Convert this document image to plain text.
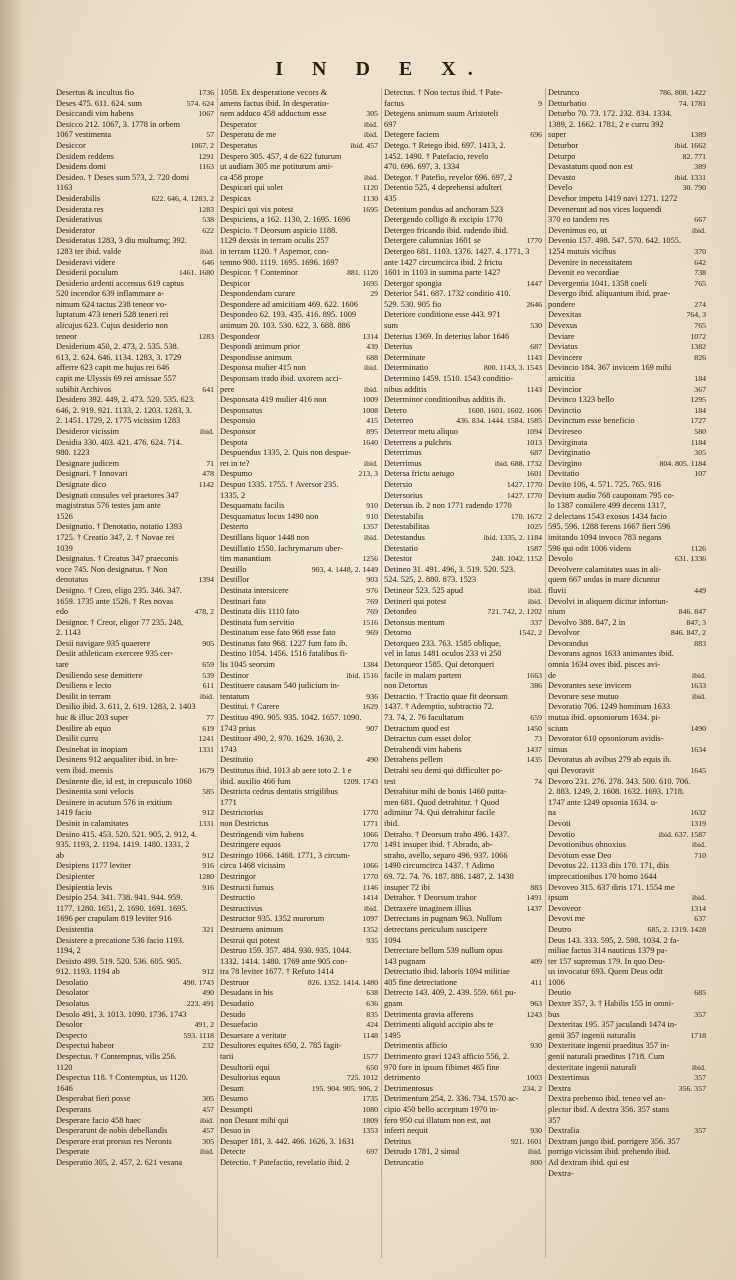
I N D E X.
Desertus & incultus fio	1736
Deses 475. 611. 624. sum	574. 624
Desiccandi vim habens	1067
Desicco 212. 1067, 3. 1778 in orbem
1067 vestimenta	57
Desiccor	1067, 2
Desidem reddens	1291
Desidens domi	1163
Desideo. † Deses sum 573, 2. 720 domi
1163
Desiderabilis	622. 646, 4. 1283, 2
Desiderata res	1283
Desiderativus	538
Desiderator	622
Desideratus 1283, 3 diu multumq; 392.
1283 ter ibid. valde	ibid.
Desideravi videre	646
Desiderii poculum	1461. 1680
Desiderio ardenti accensus 619 captus
520 incendor 639 inflammare a-
nimum 624 tactus 238 teneor vo-
luptatum 473 teneri 528 teneri rei
alicujus 623. Cujus desiderio non
teneor	1283
Desiderium 450, 2. 473, 2. 535. 538.
613, 2. 624. 646. 1134. 1283, 3. 1729
afferre 623 capit me hujus rei 646
capit me Ulyssis 69 rei amissae 557
subibit Archivos	641
Desidero 392. 449, 2. 473. 520. 535. 623.
646, 2. 919. 921. 1133, 2. 1203. 1283, 3.
2. 1451. 1729, 2. 1775 vicissim 1283
Desideror vicissim	ibid.
Desidia 330. 403. 421. 476. 624. 714.
980. 1223
Designare judicem	71
Designari. † Innovari	478
Designate dico	1142
Designati consules vel praetores 347
magistratus 576 testes jam ante
1526
Designatio. † Denotatio, notatio 1393
1725. † Creatio 347, 2. † Novae rei
1039
Designatus. † Creatus 347 praeconis
voce 745. Non designatus. † Non
denotatus	1394
Designo. † Creo, eligo 235. 346. 347.
1659. 1735 ante 1526. † Res novas
edo	478, 2
Designor. † Creor, eligor 77 235. 248,
2. 1143
Desii navigare 935 quaerere	905
Desiit athleticam exercere 935 cer-
tare	659
Desiliendo sese demittere	539
Desiliens e lecto	611
Desilit in terram	ibid.
Desilio ibid. 3. 611, 2. 619. 1283, 2. 1403
huc & illuc 203 super	77
Desilire ab equo	619
Desilit curru	1241
Desinebat in inopiam	1331
Desinens 912 aequaliter ibid. in bre-
vem ibid. mensis	1679
Desinente die, id est, in crepusculo 1060
Desinentia soni velocis	585
Desinere in acutum 576 in exitium
1419 facio	912
Desinit in calamitates	1331
Desino 415. 453. 520. 521. 905, 2. 912, 4.
935. 1193, 2. 1194. 1419. 1480. 1331, 2
ab	912
Desipiens 1177 leviter	916
Desipienter	1280
Desipientia levis	916
Desipio 254. 341. 738. 941. 944. 959.
1177. 1280. 1651, 2. 1690. 1691. 1695.
1696 per crapulam 819 leviter 916
Desistentia	321
Desistere a precatione 536 facio 1193.
1194, 2
Desisto 499. 519. 520. 536. 605. 905.
912. 1193. 1194 ab	912
Desolatio	490. 1743
Desolator	490
Desolatus	223. 491
Desolo 491, 3. 1013. 1090. 1736. 1743
Desolor	491, 2
Despecto	593. 1118
Despectui habeor	232
Despectus. † Contemptus, vilis 256.
1120
Despectus 118. † Contemptus, us 1120.
1646
Desperabat fieri posse	305
Desperans	457
Desperare facio 458 haec	ibid.
Desperarunt de nobis debellandis	457
Desperare erat prorsus res Neronis	305
Desperate	ibid.
Desperatio 305, 2. 457, 2. 621 vesana
1058. Ex desperatione vecors &
amens factus ibid. In desperatio-
nem adduco 458 adductum esse	305
Desperator	ibid.
Desperatu de me	ibid.
Desperatus	ibid. 457
Despero 305. 457, 4 de 622 futurum
ut audiam 305 me potiturum ami-
ca 458 prope	ibid.
Despicari qui solet	1120
Despicax	1130
Despici qui vix potest	1695
Despiciens, a 162. 1130, 2. 1695. 1696
Despicio. † Deorsum aspicio 1188.
1129 dexsis in terram oculis 257
in terram 1120. † Aspernor, con-
temno 900. 1119. 1695. 1696. 1697
Despicor. † Contemnor	881. 1120
Despicor	1695
Despondendam curare	29
Despondere ad amicitiam 469. 622. 1606
Despondeo 62. 193. 435. 416. 895. 1009
animum 20. 103. 530. 622, 3. 688. 886
Despondeor	1314
Despondi animum prior	439
Despondisse animum	688
Desponsa mulier 415 non	ibid.
Desponsam trado ibid. uxorem acci-
pere	ibid.
Desponsata 419 mulier 416 non	1009
Desponsatus	1008
Desponsio	415
Desponsor	895
Despota	1640
Despuendus 1335, 2. Quis non despue-
ret in te?	ibid.
Despumo	213, 3
Despuo 1335. 1755. † Aversor 235.
1335, 2
Desquamatu facilis	910
Desquamatus locus 1490 non	910
Desterto	1357
Destillans liquor 1448 non	ibid.
Destillatio 1550. Iachrymarum uber-
tim manantium	1256
Destillo	903, 4. 1448, 2. 1449
Destillor	903
Destinata intersicere	976
Destinari fato	769
Destinata diis 1110 fato	769
Destinata fum servitio	1516
Destinatum esse fato 968 esse fato	969
Destinatus fato 968. 1227 fum fato ib.
Destino 1054. 1456. 1516 fatalibus fi-
lis 1045 seorsim	1384
Destinor	ibid. 1516
Destituere causam 540 judicium in-
tentatum	936
Destitui. † Carere	1629
Destituo 490. 905. 935. 1042. 1657. 1090.
1743 prius	907
Destituor 490, 2. 970. 1629. 1630, 2.
1743
Destitutio	490
Destitutus ibid. 1013 ab aere toto 2. 1 e
ibid. auxilio 466 fum	1209. 1743
Destricta cedrus dentatis strigilibus
1771
Destrictorius	1770
non Destrictus	1771
Destringendi vim habens	1066
Destringere equos	1770
Destringo 1066. 1468. 1771, 3 circum-
circa 1468 vicissim	1066
Destringor	1770
Destructi fumus	1146
Destructio	1414
Destructivus	ibid.
Destructor 935. 1352 murorum	1097
Destruens animum	1352
Destrui qui potest	935
Destruo 159. 357. 484. 930. 935. 1044.
1332. 1414. 1480. 1769 ante 905 con-
tra 78 leviter 1677. † Refuto 1414
Destruor	826. 1352. 1414. 1480
Desudans in his	638
Desudatio	636
Desudo	835
Desuefacio	424
Desuetare a veritate	1148
Desultores equites 650, 2. 785 fagit-
tarii	1577
Desultorii equi	650
Desultorius equus	725. 1012
Desum	195. 904. 905. 906, 2
Desumo	1735
Desumpti	1080
non Desunt mihi qui	1809
Desuo in	1353
Desuper 181, 3. 442. 466. 1626, 3. 1631
Detecte	697
Detectio. † Patefactio, revelatio ibid. 2
Detectus. † Non tectus ibid. † Pate-
factus	9
Detegens animum suum Aristoteli
697
Detegere faciem	696
Detego. † Retego ibid. 697. 1413, 2.
1452. 1490. † Patefacio, revelo
470. 696. 697, 3. 1334
Detegor. † Patefio, revelor 696. 697, 2
Detentio 525, 4 deprehensi adulteri
435
Detentum pondus ad anchoram 523
Detergendo colligo & excipio 1770
Detergeo fricando ibid. radendo ibid.
Detergere calumnias 1601 se	1770
Detergeo 681. 1103. 1376. 1427. 4. 1771, 3
ante 1427 circumcirca ibid. 2 frictu
1601 in 1103 in summa parte 1427
Detergor spongia	1447
Deterior 541. 687. 1732 conditio 410.
529. 530. 905 fio	2646
Deteriore conditione esse 443. 971
sum	530
Deterius 1369. In deterius labor 1646
Deterius	687
Determinate	1143
Determinatio	800. 1143, 3. 1543
Determino 1459. 1510. 1543 conditio-
nibus additis	1143
Determinor conditionibus additis ib.
Detero	1600. 1601. 1602. 1606
Deterreo	436. 834. 1444. 1584. 1585
Deterreor metu aliquo	1094
Deterrens a pulchris	1013
Deterrimus	687
Deterrimus	ibid. 688. 1732
Detersa frictu aetugo	1601
Detersio	1427. 1770
Detersorius	1427. 1770
Detersus ib. 2 non 1771 radendo 1770
Detestabilis	170. 1672
Detestabilitas	1025
Detestandus	ibid. 1335, 2. 1184
Detestatio	1587
Detestor	248. 1042. 1152
Detineo 31. 491. 496, 3. 519. 520. 523.
524. 525, 2. 880. 873. 1523
Detineor 523. 525 apud	ibid.
Detineri qui potest	ibid.
Detondeo	721. 742, 2. 1202
Detonsus mentum	337
Detorno	1542, 2
Detorqueo 233. 763. 1585 oblique,
vel in latus 1481 oculos 233 vi 250
Detorqueor 1585. Qui detorqueri
facile in malam partem	1663
non Detortus	386
Detractio. † Tractio quae fit deorsum
1437. † Ademptio, subtractio 72.
73. 74, 2. 76 facultatum	659
Detractum quod est	1450
Detractus cum esset dolor	73
Detrahendi vim habens	1437
Detrahens pellem	1435
Detrahi seu demi qui difficulter po-
test	74
Detrahitur mihi de bonis 1460 putta-
men 681. Quod detrahitur. † Quod
adimitur 74. Qui detrahitur facile
ibid.
Detraho. † Deorsum traho 496. 1437.
1491 insuper ibid. † Abrado, ab-
straho, avello, separo 496. 937. 1066
1490 circumcirca 1437. † Adimo
69. 72. 74. 76. 187. 886. 1487, 2. 1438
insuper 72 ibi	883
Detrahor. † Deorsum trahor	1491
Detraxere imaginem illius	1437
Detrectans in pugnam 963. Nullum
detrectans periculum suscipere
1094
Detrectare bellum 539 nullum opus
143 pugnam	409
Detrectatio ibid. laboris 1094 militiae
405 fine detrectatione	411
Detrecto 143. 409, 2. 439. 559. 661 pu-
gnam	963
Detrimenta gravia afferens	1243
Detrimenti aliquid accipio abs te
1495
Detrimentis afficio	930
Detrimento gravi 1243 afficio 556, 2.
970 fore in ipsum fibimet 465 fine
detrimento	1003
Detrimentosus	234, 2
Detrimentum 254, 2. 336. 734. 1570 ac-
cipio 450 bello acceptum 1970 in-
fero 950 cui illatum non est, aut
inferri nequit	930
Detritus	921. 1601
Detrudo 1781, 2 simul	ibid.
Detruncatio	800
Detrunco	786. 800. 1422
Detturbatio	74. 1781
Deturbo 70. 73. 172. 232. 834. 1334.
1389, 2. 1662. 1781, 2 e curru 392
super	1389
Deturbor	ibid. 1662
Deturpo	82. 771
Devastatum quod non est	389
Devasto	ibid. 1331
Develo	30. 790
Devehor impetu 1419 navi 1271. 1272
Devenerunt ad nos vices loquendi
370 eo tandem res	667
Devenimus eo, ut	ibid.
Devenio 157. 498. 547. 570. 642. 1055.
1254 mutuis vicibus	370
Devenire in necessitatem	642
Devenit eo vecordiae	738
Devergentia 1041. 1358 coeli	765
Devergo ibid. aliquantum ibid. prae-
pondere	274
Devexitas	764, 3
Devexus	765
Deviare	1072
Deviatus	1382
Devincere	826
Devincio 184. 367 invicem 169 mihi
amicitia	184
Devincior	367
Devinco 1323 bello	1295
Devinctio	184
Devinctum esse beneficio	1727
Devireseo	580
Devirginata	1184
Devirginatio	305
Devirgino	804. 805. 1184
Devitatio	107
Devito 106, 4. 571. 725. 765. 916
Devium audio 768 cauponam 795 co-
lo 1387 consilere 499 decens 1317,
2 delectans 1543 exosus 1434 facio
595. 596. 1288 ferens 1667 fieri 596
imitando 1094 invoco 783 negans
596 qui odit 1006 videns	1126
Devolo	631. 1336
Devolvere calamitates suas in ali-
quem 667 undas in mare dicuntur
fluvii	449
Devolvi in aliquem dicitur infortun-
nium	846. 847
Devolvo 388. 847, 2 in	847, 3
Devolvor	846. 847, 2
Devorandus	883
Devorans agnos 1633 animantes ibid.
omnia 1634 oves ibid. pisces avi-
de	ibid.
Devorantes sese invicem	1633
Devorare sese mutuo	ibid.
Devoratio 706. 1249 hominum 1633
mutua ibid. opsoniorum 1634. pi-
scium	1490
Devorator 610 opsoniorum avidis-
simus	1634
Devoratus ab avibus 279 ab equis ib.
qui Devoravit	1645
Devoro 231. 276. 278. 343. 500. 610. 706.
2. 883. 1249, 2. 1608. 1632. 1693. 1718.
1747 ante 1249 opsonia 1634. u-
na	1632
Devoti	1319
Devotio	ibid. 637. 1587
Devotionibus obnoxius	ibid.
Devotum esse Deo	710
Devotus 22. 1133 diis 170. 171, diis
imprecationibus 170 homo 1644
Devoveo 315. 637 diris 171. 1554 me
ipsum	ibid.
Devoveor	1314
Devovi me	637
Deutro	685, 2. 1319. 1428
Deus 143. 333. 595, 2. 598. 1034. 2 fa-
miliae factus 314 nauticus 1379 pa-
ter 157 supremus 179. In quo Deu-
us invocatur 693. Quem Deus odit
1006
Deutio	685
Dexter 357, 3. † Habilis 155 in omni-
bus	357
Dexteritas 195. 357 jaculandi 1474 in-
genii 357 ingenii naturalis	1718
Dexteritate ingenii praeditus 357 in-
genii naturali praeditus 1718. Cum
dexteritate ingenii naturali	ibid.
Dextertimus	357
Dextra	356. 357
Dextra prehenso ibid. teneo vel an-
plector ibid. A dextra 356. 357 stans
357
Dextralia	357
Dextram jungo ibid. porrigere 356. 357
porrigo vicissim ibid. prehendo ibid.
Ad dextram ibid. qui est
Dextra-
